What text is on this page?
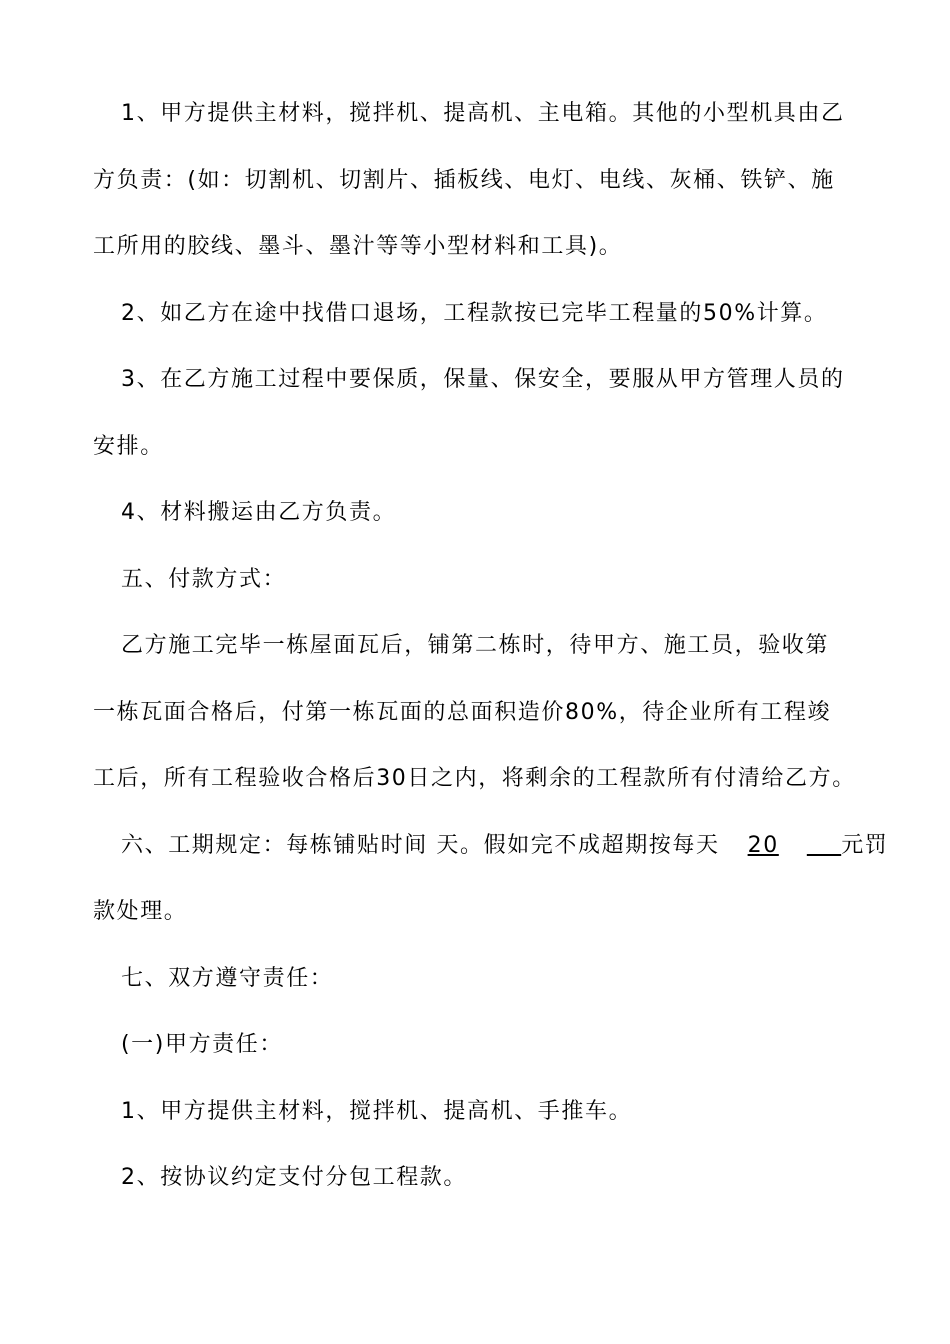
1、甲方提供主材料，搅拌机、提高机、主电箱。其他的小型机具由乙

方负责：(如：切割机、切割片、插板线、电灯、电线、灰桶、铁铲、施

工所用的胶线、墨斗、墨汁等等小型材料和工具)。

2、如乙方在途中找借口退场，工程款按已完毕工程量的50%计算。

3、在乙方施工过程中要保质，保量、保安全，要服从甲方管理人员的

安排。

4、材料搬运由乙方负责。

五、付款方式：

乙方施工完毕一栋屋面瓦后，铺第二栋时，待甲方、施工员，验收第

一栋瓦面合格后，付第一栋瓦面的总面积造价80%，待企业所有工程竣

工后，所有工程验收合格后30日之内，将剩余的工程款所有付清给乙方。

六、工期规定：每栋铺贴时间 天。假如完不成超期按每天 20	元罚

款处理。

七、双方遵守责任：

(一)甲方责任：

1、甲方提供主材料，搅拌机、提高机、手推车。

2、按协议约定支付分包工程款。
